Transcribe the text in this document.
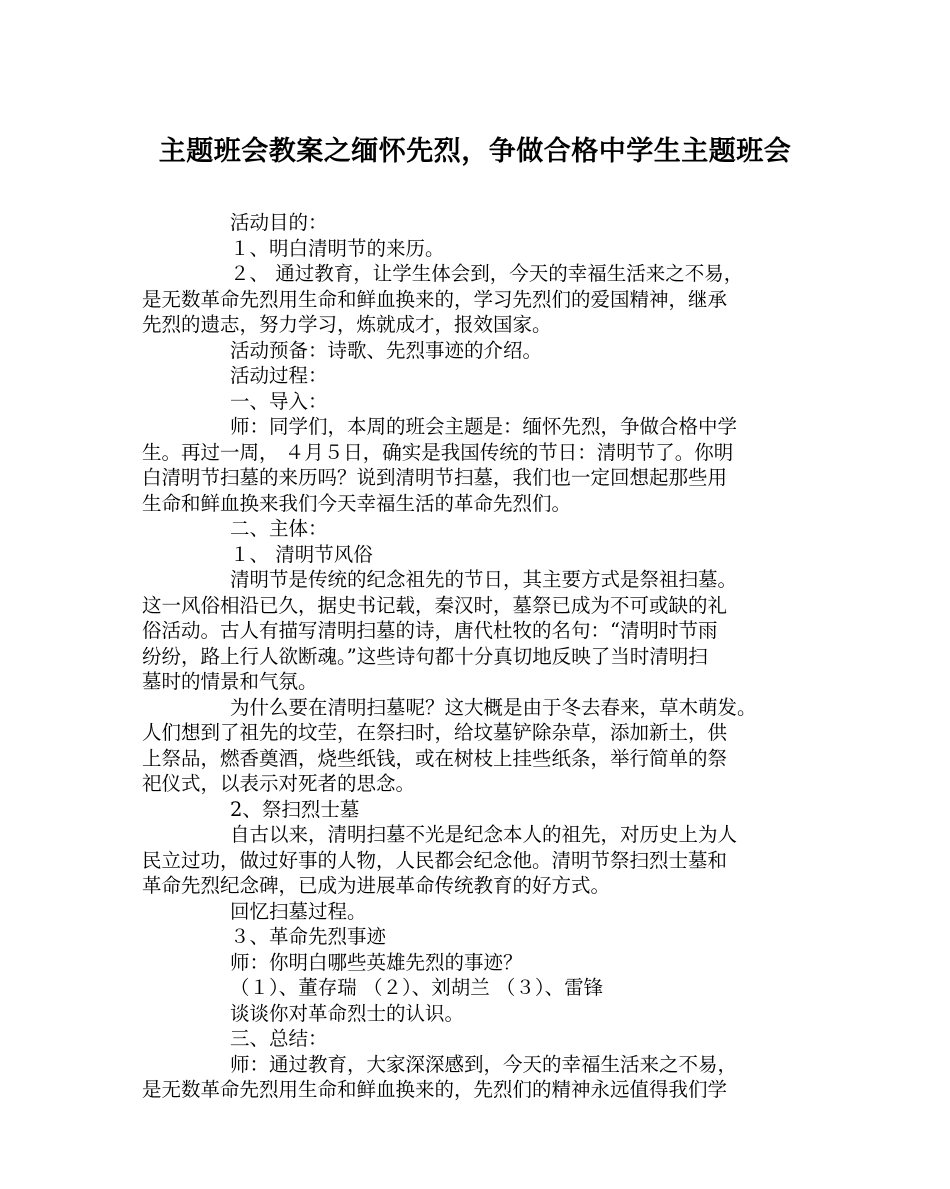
主题班会教案之缅怀先烈，争做合格中学生主题班会
活动目的：
１、明白清明节的来历。
２、 通过教育，让学生体会到，今天的幸福生活来之不易，
是无数革命先烈用生命和鲜血换来的，学习先烈们的爱国精神，继承
先烈的遗志，努力学习，炼就成才，报效国家。
活动预备：诗歌、先烈事迹的介绍。
活动过程：
一、导入：
师：同学们，本周的班会主题是：缅怀先烈，争做合格中学
生。再过一周， ４月５日，确实是我国传统的节日：清明节了。你明
白清明节扫墓的来历吗？说到清明节扫墓，我们也一定回想起那些用
生命和鲜血换来我们今天幸福生活的革命先烈们。
二、主体：
１、 清明节风俗
清明节是传统的纪念祖先的节日，其主要方式是祭祖扫墓。
这一风俗相沿已久，据史书记载，秦汉时，墓祭已成为不可或缺的礼
俗活动。古人有描写清明扫墓的诗，唐代杜牧的名句：“清明时节雨
纷纷，路上行人欲断魂。”这些诗句都十分真切地反映了当时清明扫
墓时的情景和气氛。
为什么要在清明扫墓呢？这大概是由于冬去春来，草木萌发。
人们想到了祖先的坟茔，在祭扫时，给坟墓铲除杂草，添加新土，供
上祭品，燃香奠酒，烧些纸钱，或在树枝上挂些纸条，举行简单的祭
祀仪式，以表示对死者的思念。
2、祭扫烈士墓
自古以来，清明扫墓不光是纪念本人的祖先，对历史上为人
民立过功，做过好事的人物，人民都会纪念他。清明节祭扫烈士墓和
革命先烈纪念碑，已成为进展革命传统教育的好方式。
回忆扫墓过程。
３、革命先烈事迹
师：你明白哪些英雄先烈的事迹？
（１）、董存瑞 （２）、刘胡兰 （３）、雷锋
谈谈你对革命烈士的认识。
三、总结：
师：通过教育，大家深深感到，今天的幸福生活来之不易，
是无数革命先烈用生命和鲜血换来的，先烈们的精神永远值得我们学
